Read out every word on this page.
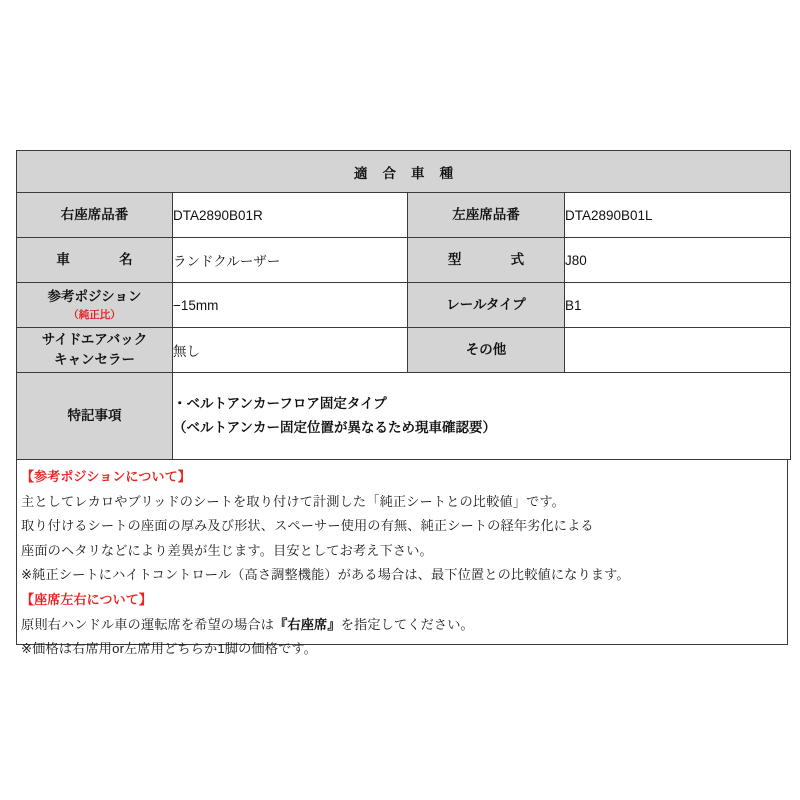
適 合 車 種			
右座席品番	DTA2890B01R	左座席品番	DTA2890B01L
車　　名	ランドクルーザー	型　　式	J80
参考ポジション
（純正比）	−15mm	レールタイプ	B1

サイドエアバック
キャンセラー	無し	その他	
特記事項	・ベルトアンカーフロア固定タイプ
（ベルトアンカー固定位置が異なるため現車確認要）		
【参考ポジションについて】
主としてレカロやブリッドのシートを取り付けて計測した「純正シートとの比較値」です。
取り付けるシートの座面の厚み及び形状、スペーサー使用の有無、純正シートの経年劣化による
座面のヘタリなどにより差異が生じます。目安としてお考え下さい。
※純正シートにハイトコントロール（高さ調整機能）がある場合は、最下位置との比較値になります。
【座席左右について】
原則右ハンドル車の運転席を希望の場合は『右座席』を指定してください。
※価格は右席用or左席用どちらか1脚の価格です。
